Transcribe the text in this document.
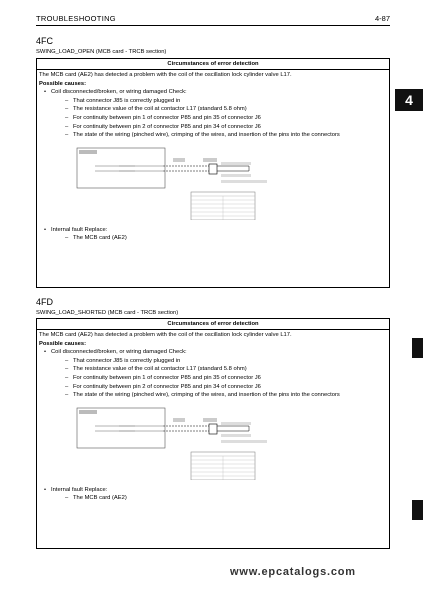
TROUBLESHOOTING	4-87
4
4FC
SWING_LOAD_OPEN (MCB card - TRCB section)
Circumstances of error detection
The MCB card (AE2) has detected a problem with the coil of the oscillation lock cylinder valve L17.
Possible causes:
• Coil disconnected/broken, or wiring damaged Check:
– That connector J85 is correctly plugged in
– The resistance value of the coil at contactor L17 (standard 5.8 ohm)
– For continuity between pin 1 of connector P85 and pin 35 of connector J6
– For continuity between pin 2 of connector P85 and pin 34 of connector J6
– The state of the wiring (pinched wire), crimping of the wires, and insertion of the pins into the connectors
• Internal fault Replace:
– The MCB card (AE2)
4FD
SWING_LOAD_SHORTED (MCB card - TRCB section)
Circumstances of error detection
The MCB card (AE2) has detected a problem with the coil of the oscillation lock cylinder valve L17.
Possible causes:
• Coil disconnected/broken, or wiring damaged Check:
– That connector J85 is correctly plugged in
– The resistance value of the coil at contactor L17 (standard 5.8 ohm)
– For continuity between pin 1 of connector P85 and pin 35 of connector J6
– For continuity between pin 2 of connector P85 and pin 34 of connector J6
– The state of the wiring (pinched wire), crimping of the wires, and insertion of the pins into the connectors
• Internal fault Replace:
– The MCB card (AE2)
www.epcatalogs.com
